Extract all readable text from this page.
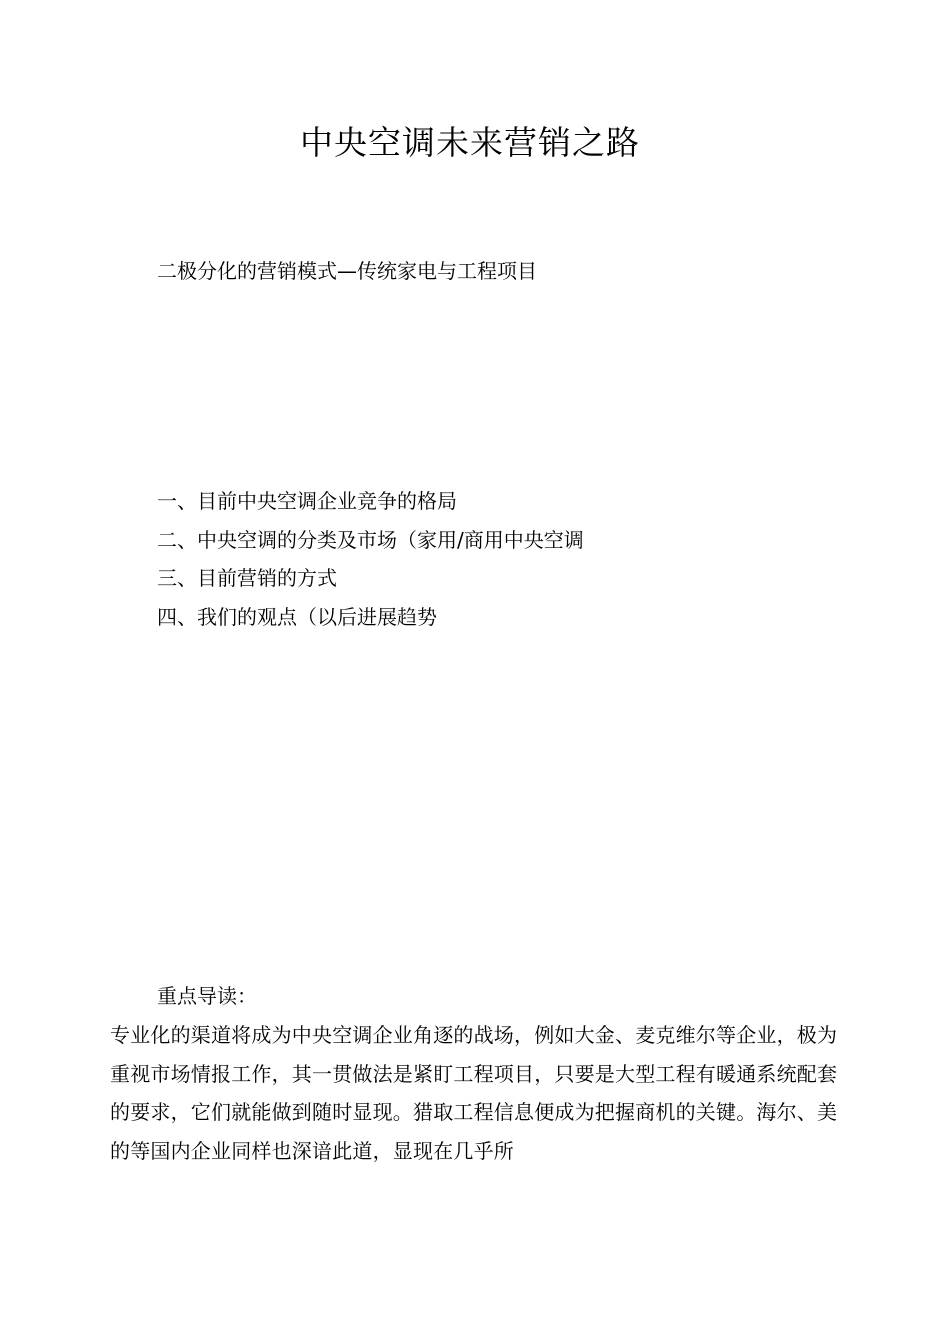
中央空调未来营销之路
二极分化的营销模式—传统家电与工程项目
一、目前中央空调企业竞争的格局
二、中央空调的分类及市场（家用/商用中央空调
三、目前营销的方式
四、我们的观点（以后进展趋势
重点导读：

专业化的渠道将成为中央空调企业角逐的战场，例如大金、麦克维尔等企业，极为重视市场情报工作，其一贯做法是紧盯工程项目，只要是大型工程有暖通系统配套的要求，它们就能做到随时显现。猎取工程信息便成为把握商机的关键。海尔、美的等国内企业同样也深谙此道，显现在几乎所
